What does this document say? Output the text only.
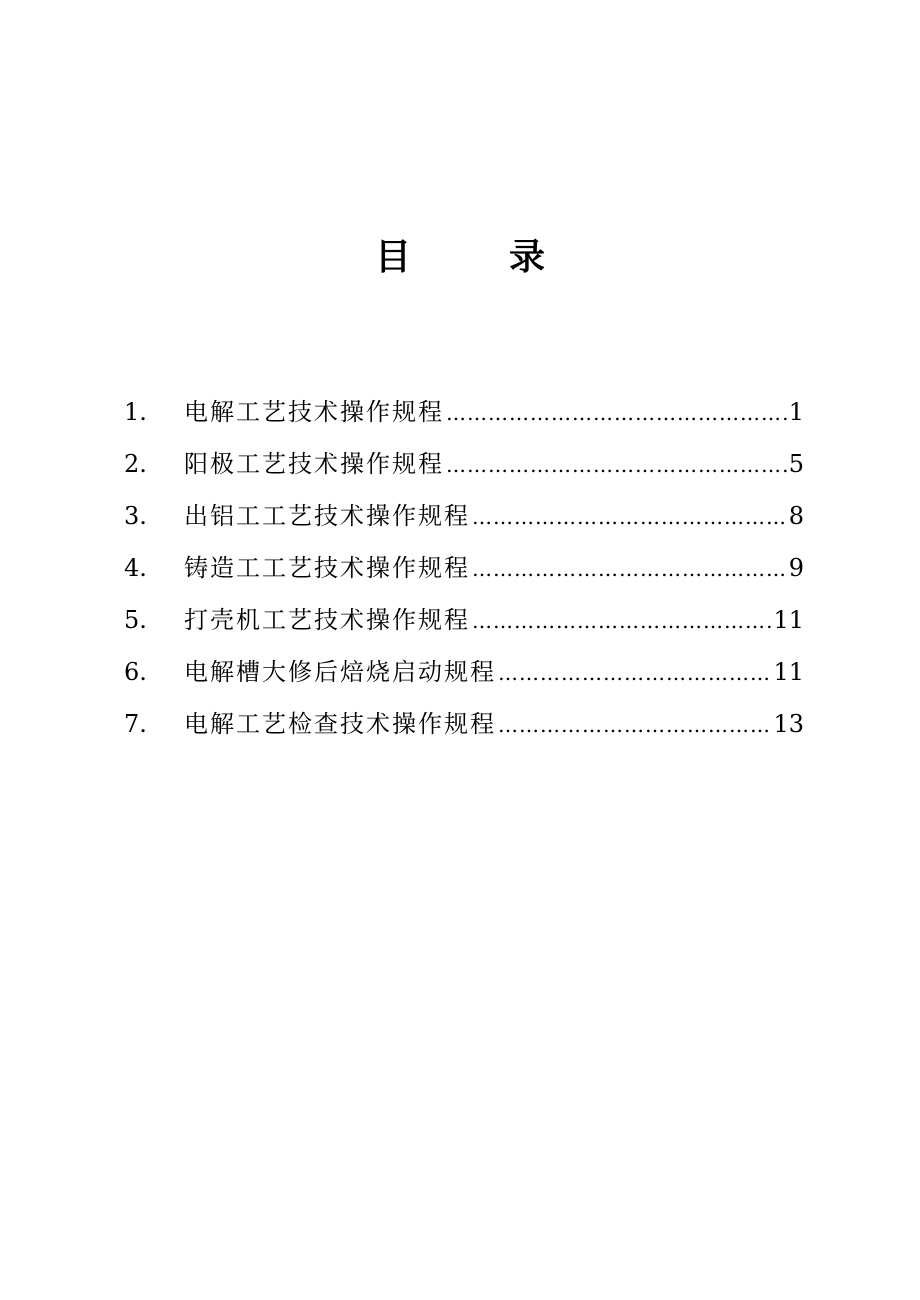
目	录
1.	电解工艺技术操作规程 …………………………………………………………………………………………………………	1
2.	阳极工艺技术操作规程 …………………………………………………………………………………………………………	5
3.	出铝工工艺技术操作规程 …………………………………………………………………………………………………………	8
4.	铸造工工艺技术操作规程 …………………………………………………………………………………………………………	9
5.	打壳机工艺技术操作规程 …………………………………………………………………………………………………………	11
6.	电解槽大修后焙烧启动规程 …………………………………………………………………………………………………………	11
7.	电解工艺检查技术操作规程 …………………………………………………………………………………………………………	13
